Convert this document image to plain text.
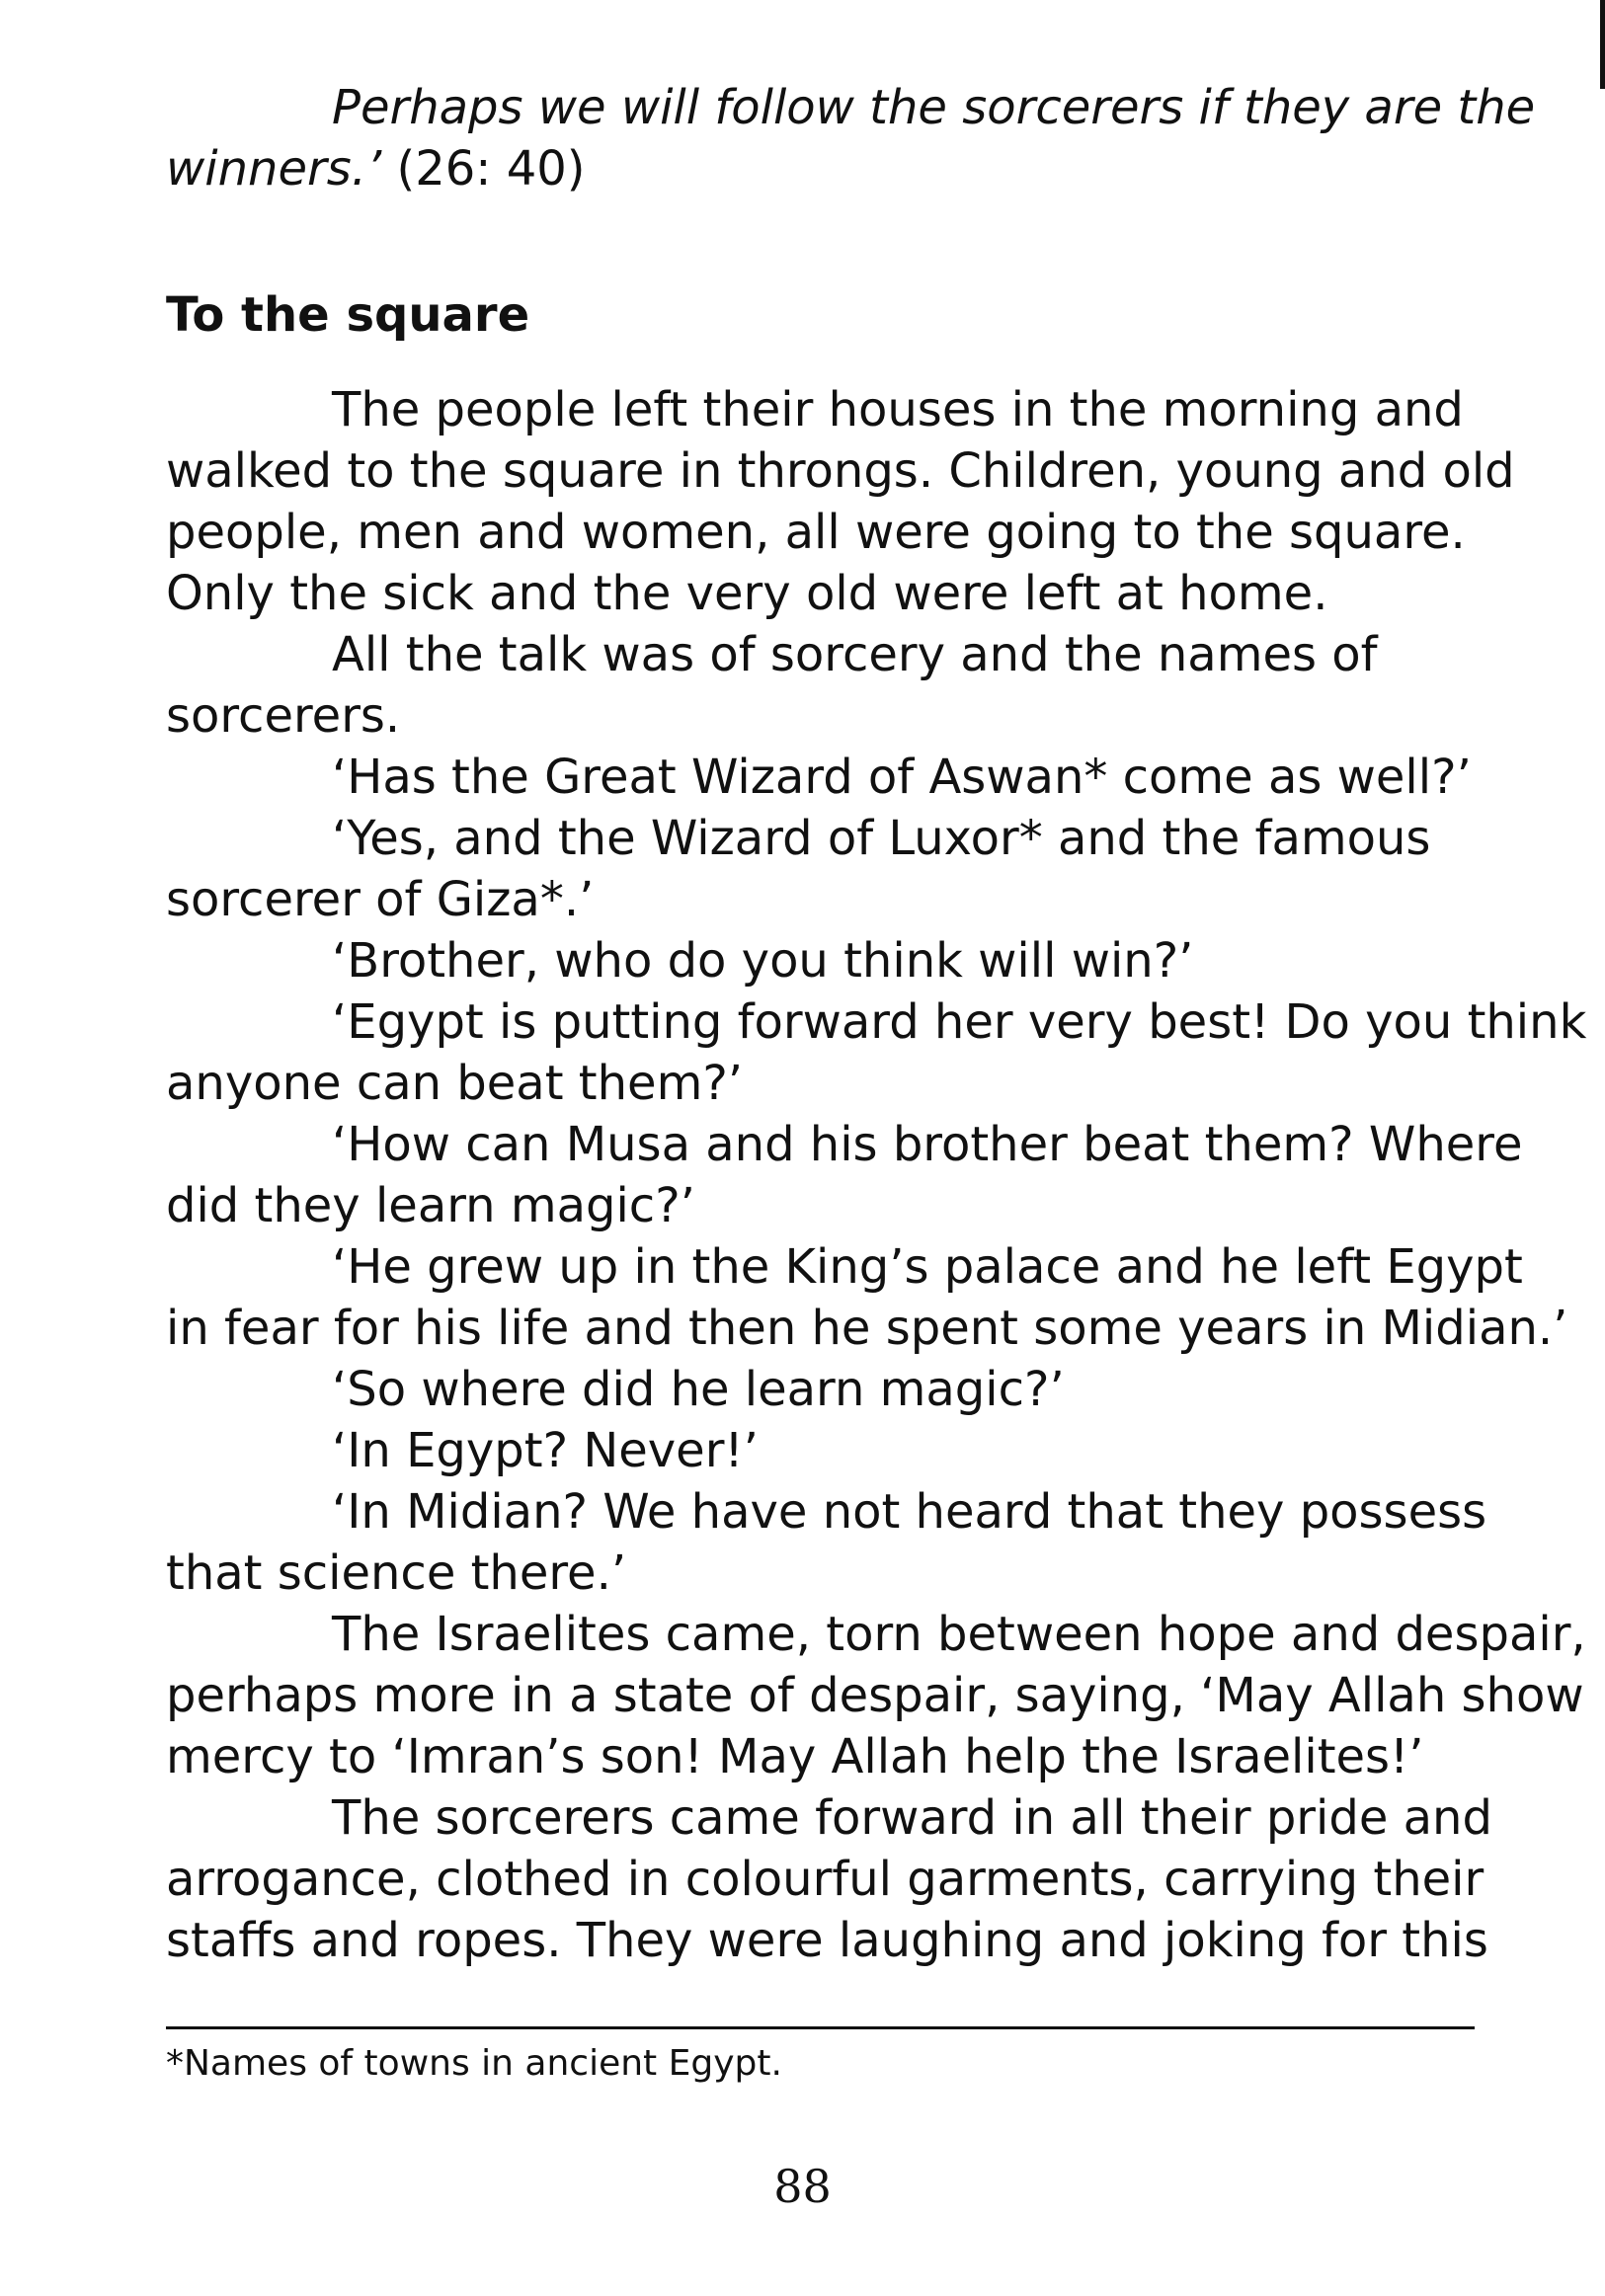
Perhaps we will follow the sorcerers if they are the
winners.’ (26: 40)
To the square
The people left their houses in the morning and
walked to the square in throngs. Children, young and old
people, men and women, all were going to the square.
Only the sick and the very old were left at home.
All the talk was of sorcery and the names of
sorcerers.
‘Has the Great Wizard of Aswan* come as well?’
‘Yes, and the Wizard of Luxor* and the famous
sorcerer of Giza*.’
‘Brother, who do you think will win?’
‘Egypt is putting forward her very best! Do you think
anyone can beat them?’
‘How can Musa and his brother beat them? Where
did they learn magic?’
‘He grew up in the King’s palace and he left Egypt
in fear for his life and then he spent some years in Midian.’
‘So where did he learn magic?’
‘In Egypt? Never!’
‘In Midian? We have not heard that they possess
that science there.’
The Israelites came, torn between hope and despair,
perhaps more in a state of despair, saying, ‘May Allah show
mercy to ‘Imran’s son! May Allah help the Israelites!’
The sorcerers came forward in all their pride and
arrogance, clothed in colourful garments, carrying their
staffs and ropes. They were laughing and joking for this
*Names of towns in ancient Egypt.
88
